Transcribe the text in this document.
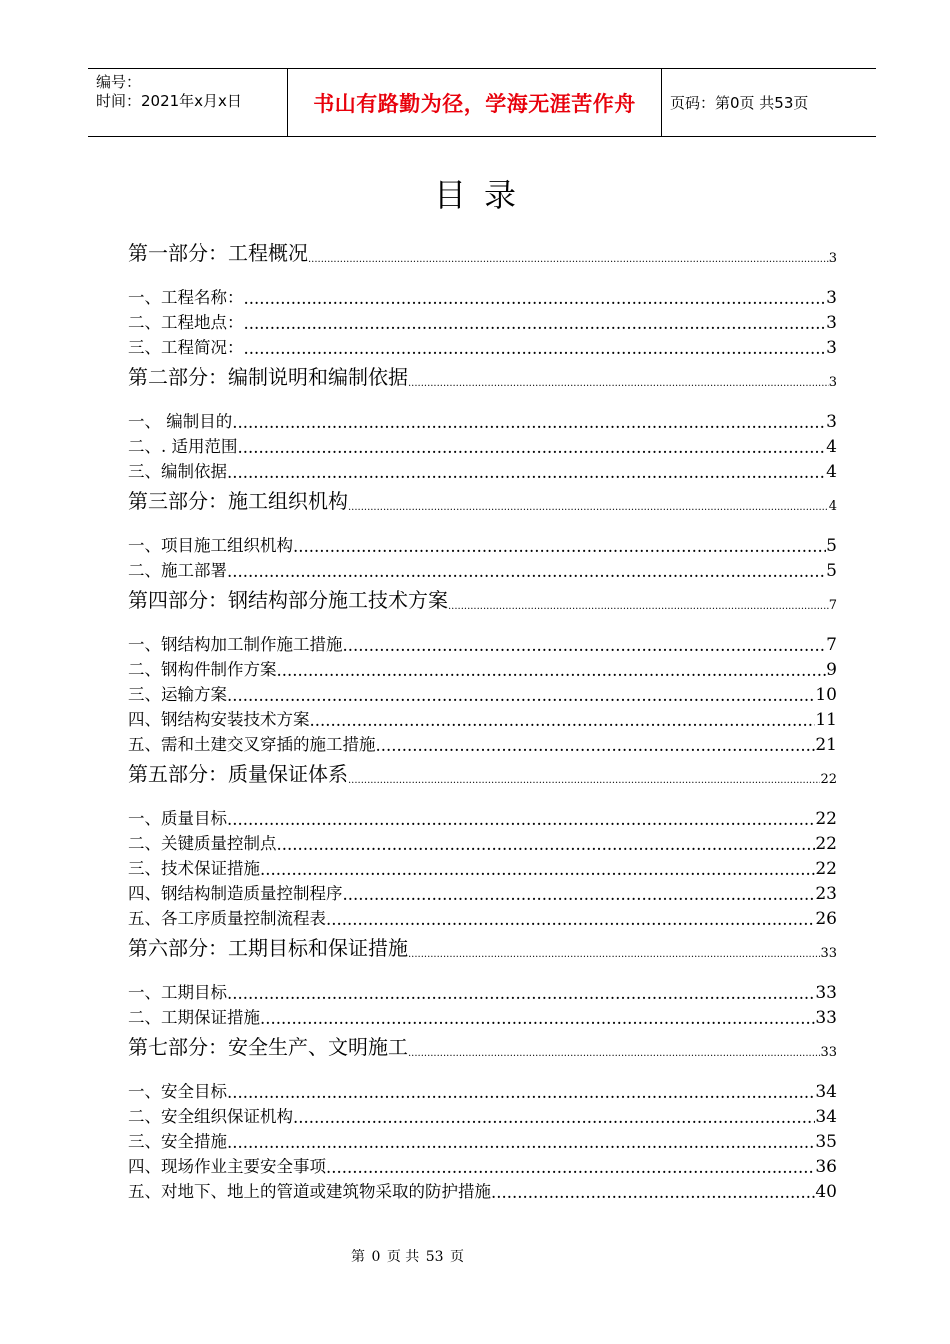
编号：
时间：2021年x月x日	书山有路勤为径，学海无涯苦作舟	页码：第0页 共53页
目录
第一部分：工程概况 .....	3
一、工程名称： .....	3
二、工程地点： .....	3
三、工程简况： .....	3
第二部分：编制说明和编制依据 .....	3
一、 编制目的 .....	3
二、. 适用范围 .....	4
三、编制依据 .....	4
第三部分：施工组织机构 .....	4
一、项目施工组织机构 .....	5
二、施工部署 .....	5
第四部分：钢结构部分施工技术方案 .....	7
一、钢结构加工制作施工措施 .....	7
二、钢构件制作方案 .....	9
三、运输方案 .....	10
四、钢结构安装技术方案 .....	11
五、需和土建交叉穿插的施工措施 .....	21
第五部分：质量保证体系 .....	22
一、质量目标 .....	22
二、关键质量控制点 .....	22
三、技术保证措施 .....	22
四、钢结构制造质量控制程序 .....	23
五、各工序质量控制流程表 .....	26
第六部分：工期目标和保证措施 .....	33
一、工期目标 .....	33
二、工期保证措施 .....	33
第七部分：安全生产、文明施工 .....	33
一、安全目标 .....	34
二、安全组织保证机构 .....	34
三、安全措施 .....	35
四、现场作业主要安全事项 .....	36
五、对地下、地上的管道或建筑物采取的防护措施 .....	40
第 0 页 共 53 页
